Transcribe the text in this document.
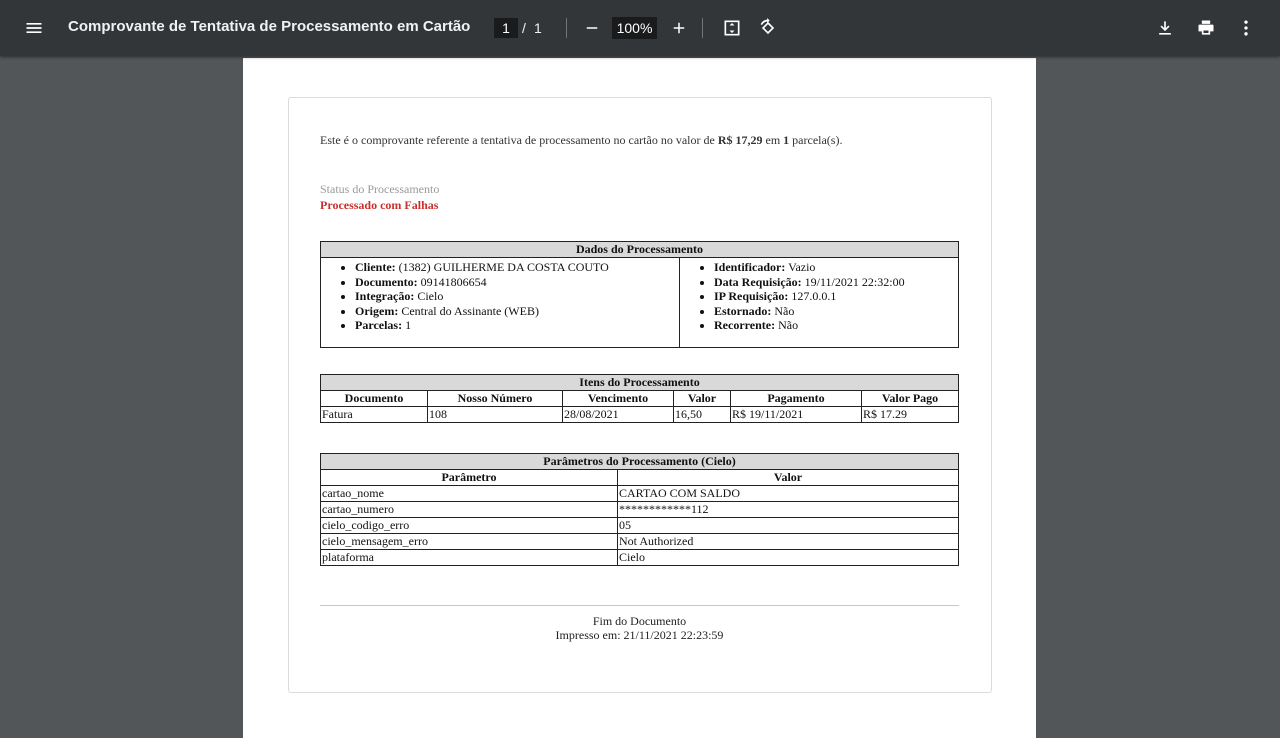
Comprovante de Tentativa de Processamento em Cartão	1 / 1	100%
Este é o comprovante referente a tentativa de processamento no cartão no valor de R$ 17,29 em 1 parcela(s).
Status do Processamento
Processado com Falhas
Dados do Processamento

• Cliente: (1382) GUILHERME DA COSTA COUTO
• Documento: 09141806654
• Integração: Cielo
• Origem: Central do Assinante (WEB)
• Parcelas: 1

• Identificador: Vazio
• Data Requisição: 19/11/2021 22:32:00
• IP Requisição: 127.0.0.1
• Estornado: Não
• Recorrente: Não
Itens do Processamento					
Documento	Nosso Número	Vencimento	Valor	Pagamento	Valor Pago
Fatura	108	28/08/2021	16,50	R$ 19/11/2021	R$ 17.29
Parâmetros do Processamento (Cielo)	
Parâmetro	Valor
cartao_nome	CARTAO COM SALDO
cartao_numero	************112
cielo_codigo_erro	05
cielo_mensagem_erro	Not Authorized
plataforma	Cielo
Fim do Documento
Impresso em: 21/11/2021 22:23:59
